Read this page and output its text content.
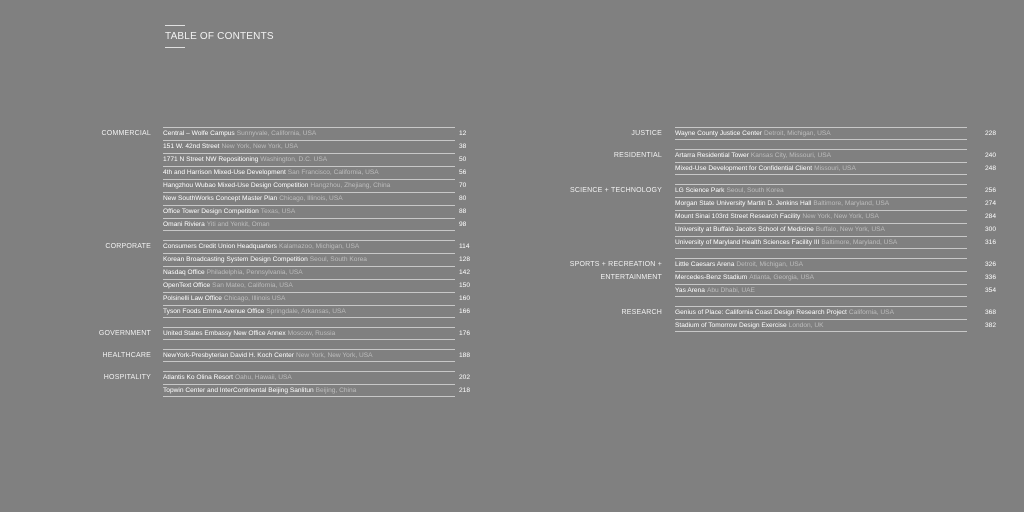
TABLE OF CONTENTS
COMMERCIAL Central – Wolfe Campus Sunnyvale, California, USA	12
151 W. 42nd Street New York, New York, USA	38
1771 N Street NW Repositioning Washington, D.C. USA	50
4th and Harrison Mixed-Use Development San Francisco, California, USA	56
Hangzhou Wubao Mixed-Use Design Competition Hangzhou, Zhejiang, China	70
New SouthWorks Concept Master Plan Chicago, Illinois, USA	80
Office Tower Design Competition Texas, USA	88
Omani Riviera Yiti and Yenkit, Oman	98
CORPORATE Consumers Credit Union Headquarters Kalamazoo, Michigan, USA	114
Korean Broadcasting System Design Competition Seoul, South Korea	128
Nasdaq Office Philadelphia, Pennsylvania, USA	142
OpenText Office San Mateo, California, USA	150
Polsinelli Law Office Chicago, Illinois USA	160
Tyson Foods Emma Avenue Office Springdale, Arkansas, USA	166
GOVERNMENT United States Embassy New Office Annex Moscow, Russia	176
HEALTHCARE NewYork-Presbyterian David H. Koch Center New York, New York, USA	188
HOSPITALITY Atlantis Ko Olina Resort Oahu, Hawaii, USA	202
Topwin Center and InterContinental Beijing Sanlitun Beijing, China	218
JUSTICE Wayne County Justice Center Detroit, Michigan, USA	228
RESIDENTIAL Artarra Residential Tower Kansas City, Missouri, USA	240
Mixed-Use Development for Confidential Client Missouri, USA	248
SCIENCE + TECHNOLOGY LG Science Park Seoul, South Korea	256
Morgan State University Martin D. Jenkins Hall Baltimore, Maryland, USA	274
Mount Sinai 103rd Street Research Facility New York, New York, USA	284
University at Buffalo Jacobs School of Medicine Buffalo, New York, USA	300
University of Maryland Health Sciences Facility III Baltimore, Maryland, USA	316
SPORTS + RECREATION +
ENTERTAINMENT
Little Caesars Arena Detroit, Michigan, USA	326
Mercedes-Benz Stadium Atlanta, Georgia, USA	336
Yas Arena Abu Dhabi, UAE	354
RESEARCH Genius of Place: California Coast Design Research Project California, USA	368
Stadium of Tomorrow Design Exercise London, UK	382
